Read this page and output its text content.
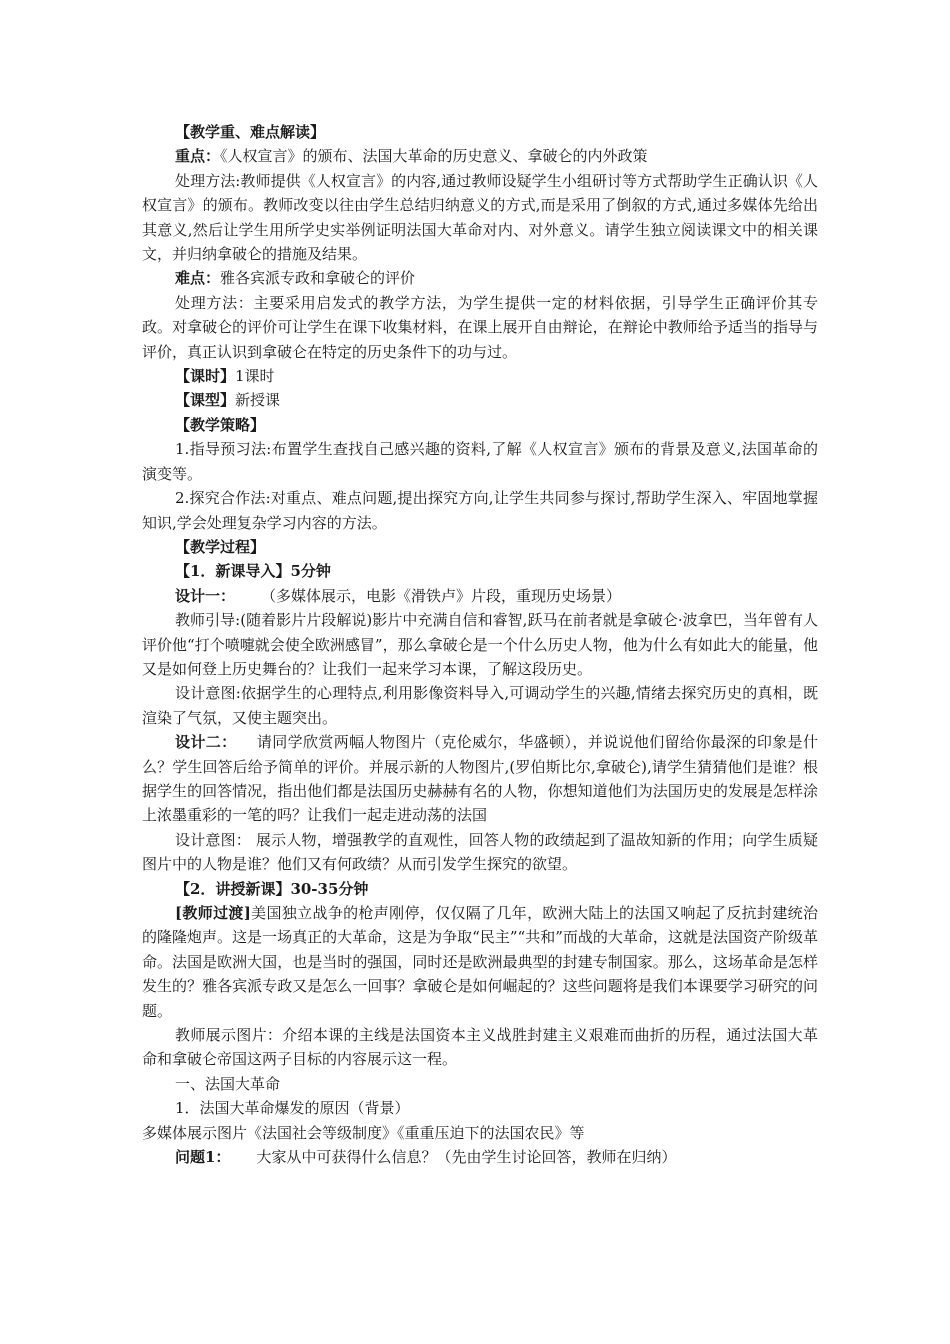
【教学重、难点解读】

重点：《人权宣言》的颁布、法国大革命的历史意义、拿破仑的内外政策

处理方法:教师提供《人权宣言》的内容,通过教师设疑学生小组研讨等方式帮助学生正确认识《人权宣言》的颁布。教师改变以往由学生总结归纳意义的方式,而是采用了倒叙的方式,通过多媒体先给出其意义,然后让学生用所学史实举例证明法国大革命对内、对外意义。请学生独立阅读课文中的相关课文，并归纳拿破仑的措施及结果。

难点：雅各宾派专政和拿破仑的评价

处理方法：主要采用启发式的教学方法，为学生提供一定的材料依据，引导学生正确评价其专政。对拿破仑的评价可让学生在课下收集材料，在课上展开自由辩论，在辩论中教师给予适当的指导与评价，真正认识到拿破仑在特定的历史条件下的功与过。

【课时】1课时

【课型】新授课

【教学策略】

1.指导预习法:布置学生查找自己感兴趣的资料,了解《人权宣言》颁布的背景及意义,法国革命的演变等。

2.探究合作法:对重点、难点问题,提出探究方向,让学生共同参与探讨,帮助学生深入、牢固地掌握知识,学会处理复杂学习内容的方法。

【教学过程】

【1．新课导入】5分钟

设计一： （多媒体展示，电影《滑铁卢》片段，重现历史场景）

教师引导:(随着影片片段解说)影片中充满自信和睿智,跃马在前者就是拿破仑·波拿巴，当年曾有人评价他“打个喷嚏就会使全欧洲感冒”，那么拿破仑是一个什么历史人物，他为什么有如此大的能量，他又是如何登上历史舞台的？让我们一起来学习本课，了解这段历史。

设计意图:依据学生的心理特点,利用影像资料导入,可调动学生的兴趣,情绪去探究历史的真相，既渲染了气氛，又使主题突出。

设计二： 请同学欣赏两幅人物图片（克伦威尔，华盛顿），并说说他们留给你最深的印象是什么？学生回答后给予简单的评价。并展示新的人物图片,(罗伯斯比尔,拿破仑),请学生猜猜他们是谁？根据学生的回答情况，指出他们都是法国历史赫赫有名的人物，你想知道他们为法国历史的发展是怎样涂上浓墨重彩的一笔的吗？让我们一起走进动荡的法国

设计意图： 展示人物，增强教学的直观性，回答人物的政绩起到了温故知新的作用；向学生质疑图片中的人物是谁？他们又有何政绩？从而引发学生探究的欲望。

【2．讲授新课】30-35分钟

[教师过渡]美国独立战争的枪声刚停，仅仅隔了几年，欧洲大陆上的法国又响起了反抗封建统治的隆隆炮声。这是一场真正的大革命，这是为争取“民主”“共和”而战的大革命，这就是法国资产阶级革命。法国是欧洲大国，也是当时的强国，同时还是欧洲最典型的封建专制国家。那么，这场革命是怎样发生的？雅各宾派专政又是怎么一回事？拿破仑是如何崛起的？这些问题将是我们本课要学习研究的问题。

教师展示图片：介绍本课的主线是法国资本主义战胜封建主义艰难而曲折的历程，通过法国大革命和拿破仑帝国这两子目标的内容展示这一程。

一、法国大革命

1．法国大革命爆发的原因（背景）

多媒体展示图片《法国社会等级制度》《重重压迫下的法国农民》等

问题1： 大家从中可获得什么信息？（先由学生讨论回答，教师在归纳）
